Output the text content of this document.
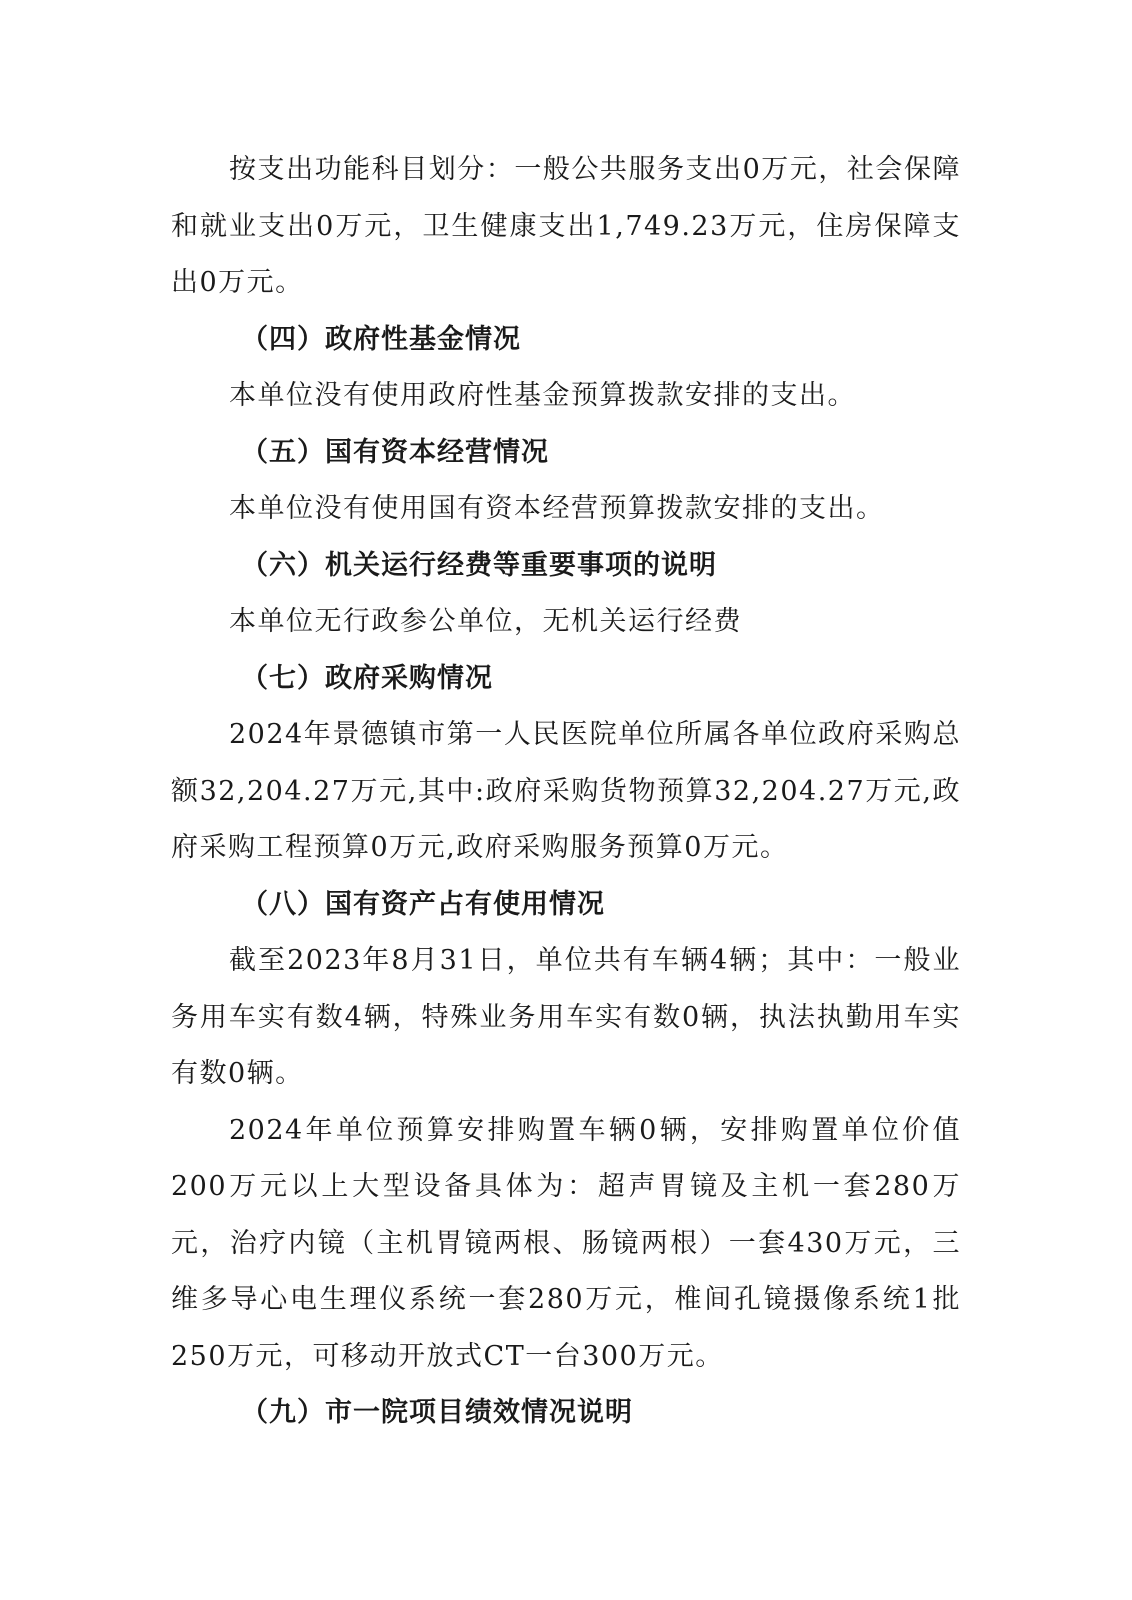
按支出功能科目划分：一般公共服务支出0万元，社会保障和就业支出0万元，卫生健康支出1,749.23万元，住房保障支出0万元。

（四）政府性基金情况

本单位没有使用政府性基金预算拨款安排的支出。

（五）国有资本经营情况

本单位没有使用国有资本经营预算拨款安排的支出。

（六）机关运行经费等重要事项的说明

本单位无行政参公单位，无机关运行经费

（七）政府采购情况

2024年景德镇市第一人民医院单位所属各单位政府采购总额32,204.27万元,其中:政府采购货物预算32,204.27万元,政府采购工程预算0万元,政府采购服务预算0万元。

（八）国有资产占有使用情况

截至2023年8月31日，单位共有车辆4辆；其中：一般业务用车实有数4辆，特殊业务用车实有数0辆，执法执勤用车实有数0辆。

2024年单位预算安排购置车辆0辆，安排购置单位价值200万元以上大型设备具体为：超声胃镜及主机一套280万元，治疗内镜（主机胃镜两根、肠镜两根）一套430万元，三维多导心电生理仪系统一套280万元，椎间孔镜摄像系统1批250万元，可移动开放式CT一台300万元。

（九）市一院项目绩效情况说明
